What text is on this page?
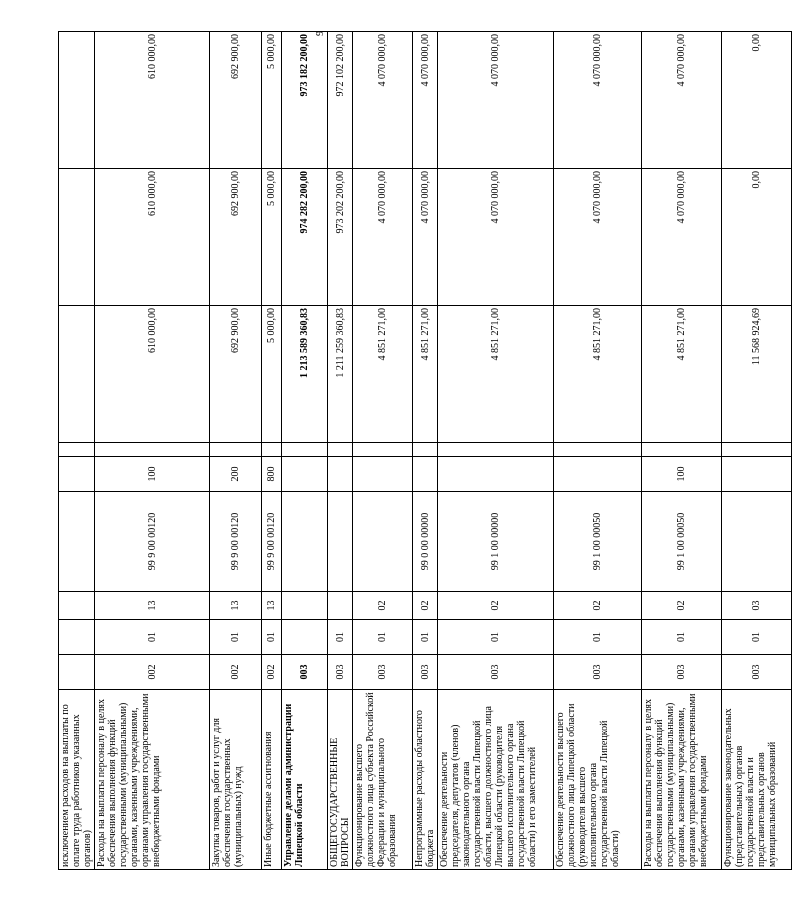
9
исключением расходов на выплаты по оплате труда работников указанных органов)									
Расходы на выплаты персоналу в целях обеспечения выполнения функций государственными (муниципальными) органами, казенными учреждениями, органами управления государственными внебюджетными фондами	002	01	13	99 9 00 00120	100		610 000,00	610 000,00	610 000,00
Закупка товаров, работ и услуг для обеспечения государственных (муниципальных) нужд	002	01	13	99 9 00 00120	200		692 900,00	692 900,00	692 900,00
Иные бюджетные ассигнования	002	01	13	99 9 00 00120	800		5 000,00	5 000,00	5 000,00
Управление делами администрации Липецкой области	003						1 213 589 360,83	974 282 200,00	973 182 200,00
ОБЩЕГОСУДАРСТВЕННЫЕ ВОПРОСЫ	003	01					1 211 259 360,83	973 202 200,00	972 102 200,00
Функционирование высшего должностного лица субъекта Российской Федерации и муниципального образования	003	01	02				4 851 271,00	4 070 000,00	4 070 000,00
Непрограммные расходы областного бюджета	003	01	02	99 0 00 00000			4 851 271,00	4 070 000,00	4 070 000,00
Обеспечение деятельности председателя, депутатов (членов) законодательного органа государственной власти Липецкой области, высшего должностного лица Липецкой области (руководителя высшего исполнительного органа государственной власти Липецкой области) и его заместителей	003	01	02	99 1 00 00000			4 851 271,00	4 070 000,00	4 070 000,00
Обеспечение деятельности высшего должностного лица Липецкой области (руководителя высшего исполнительного органа государственной власти Липецкой области)	003	01	02	99 1 00 00050			4 851 271,00	4 070 000,00	4 070 000,00
Расходы на выплаты персоналу в целях обеспечения выполнения функций государственными (муниципальными) органами, казенными учреждениями, органами управления государственными внебюджетными фондами	003	01	02	99 1 00 00050	100		4 851 271,00	4 070 000,00	4 070 000,00
Функционирование законодательных (представительных) органов государственной власти и представительных органов муниципальных образований	003	01	03				11 568 924,69	0,00	0,00
